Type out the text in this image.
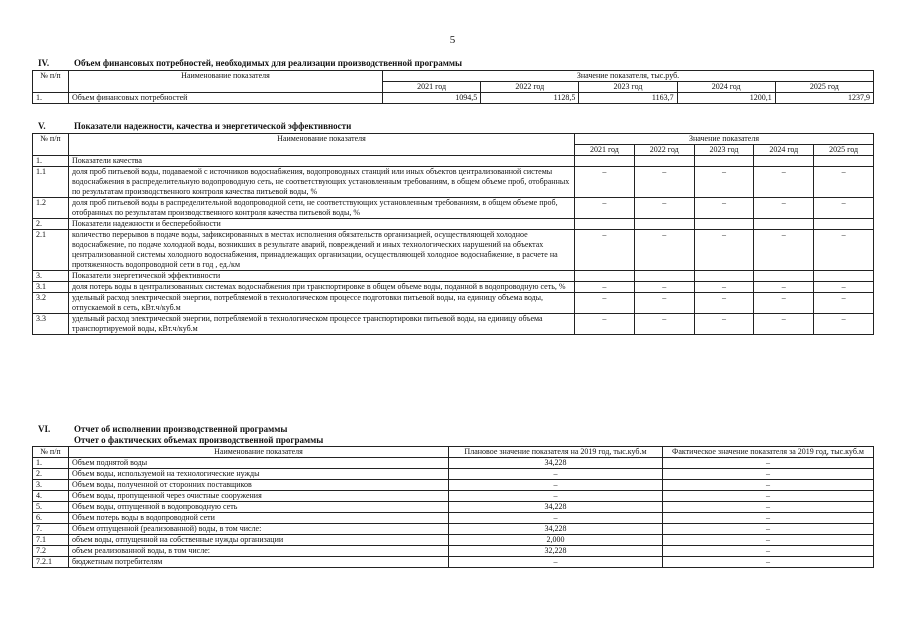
5
IV.	Объем финансовых потребностей, необходимых для реализации производственной программы
№ п/п	Наименование показателя	Значение показателя, тыс.руб.				
		2021 год	2022 год	2023 год	2024 год	2025 год
1.	Объем финансовых потребностей	1094,5	1128,5	1163,7	1200,1	1237,9
V.	Показатели надежности, качества и энергетической эффективности
№ п/п	Наименование показателя	Значение показателя				
		2021 год	2022 год	2023 год	2024 год	2025 год
1.	Показатели качества					
1.1	доля проб питьевой воды, подаваемой с источников водоснабжения, водопроводных станций или иных объектов централизованной системы водоснабжения в распределительную водопроводную сеть, не соответствующих установленным требованиям, в общем объеме проб, отобранных по результатам производственного контроля качества питьевой воды, %	–	–	–	–	–
1.2	доля проб питьевой воды в распределительной водопроводной сети, не соответствующих установленным требованиям, в общем объеме проб, отобранных по результатам производственного контроля качества питьевой воды, %	–	–	–	–	–
2.	Показатели надежности и бесперебойности					
2.1	количество перерывов в подаче воды, зафиксированных в местах исполнения обязательств организацией, осуществляющей холодное водоснабжение, по подаче холодной воды, возникших в результате аварий, повреждений и иных технологических нарушений на объектах централизованной системы холодного водоснабжения, принадлежащих организации, осуществляющей холодное водоснабжение, в расчете на протяженность водопроводной сети в год , ед./км	–	–	–	–	–
3.	Показатели энергетической эффективности					
3.1	доля потерь воды в централизованных системах водоснабжения при транспортировке в общем объеме воды, поданной в водопроводную сеть, %	–	–	–	–	–
3.2	удельный расход электрической энергии, потребляемой в технологическом процессе подготовки питьевой воды, на единицу объема воды, отпускаемой в сеть, кВт.ч/куб.м	–	–	–	–	–
3.3	удельный расход электрической энергии, потребляемой в технологическом процессе транспортировки питьевой воды, на единицу объема транспортируемой воды, кВт.ч/куб.м	–	–	–	–	–
VI.	Отчет об исполнении производственной программы
Отчет о фактических объемах производственной программы
№ п/п	Наименование показателя	Плановое значение показателя на 2019 год, тыс.куб.м	Фактическое значение показателя за 2019 год, тыс.куб.м
1.	Объем поднятой воды	34,228	–
2.	Объем воды, используемой на технологические нужды	–	–
3.	Объем воды, полученной от сторонних поставщиков	–	–
4.	Объем воды, пропущенной через очистные сооружения	–	–
5.	Объем воды, отпущенной в водопроводную сеть	34,228	–
6.	Объем потерь воды в водопроводной сети	–	–
7.	Объем отпущенной (реализованной) воды, в том числе:	34,228	–
7.1	объем воды, отпущенной на собственные нужды организации	2,000	–
7.2	объем реализованной воды, в том числе:	32,228	–
7.2.1	бюджетным потребителям	–	–
